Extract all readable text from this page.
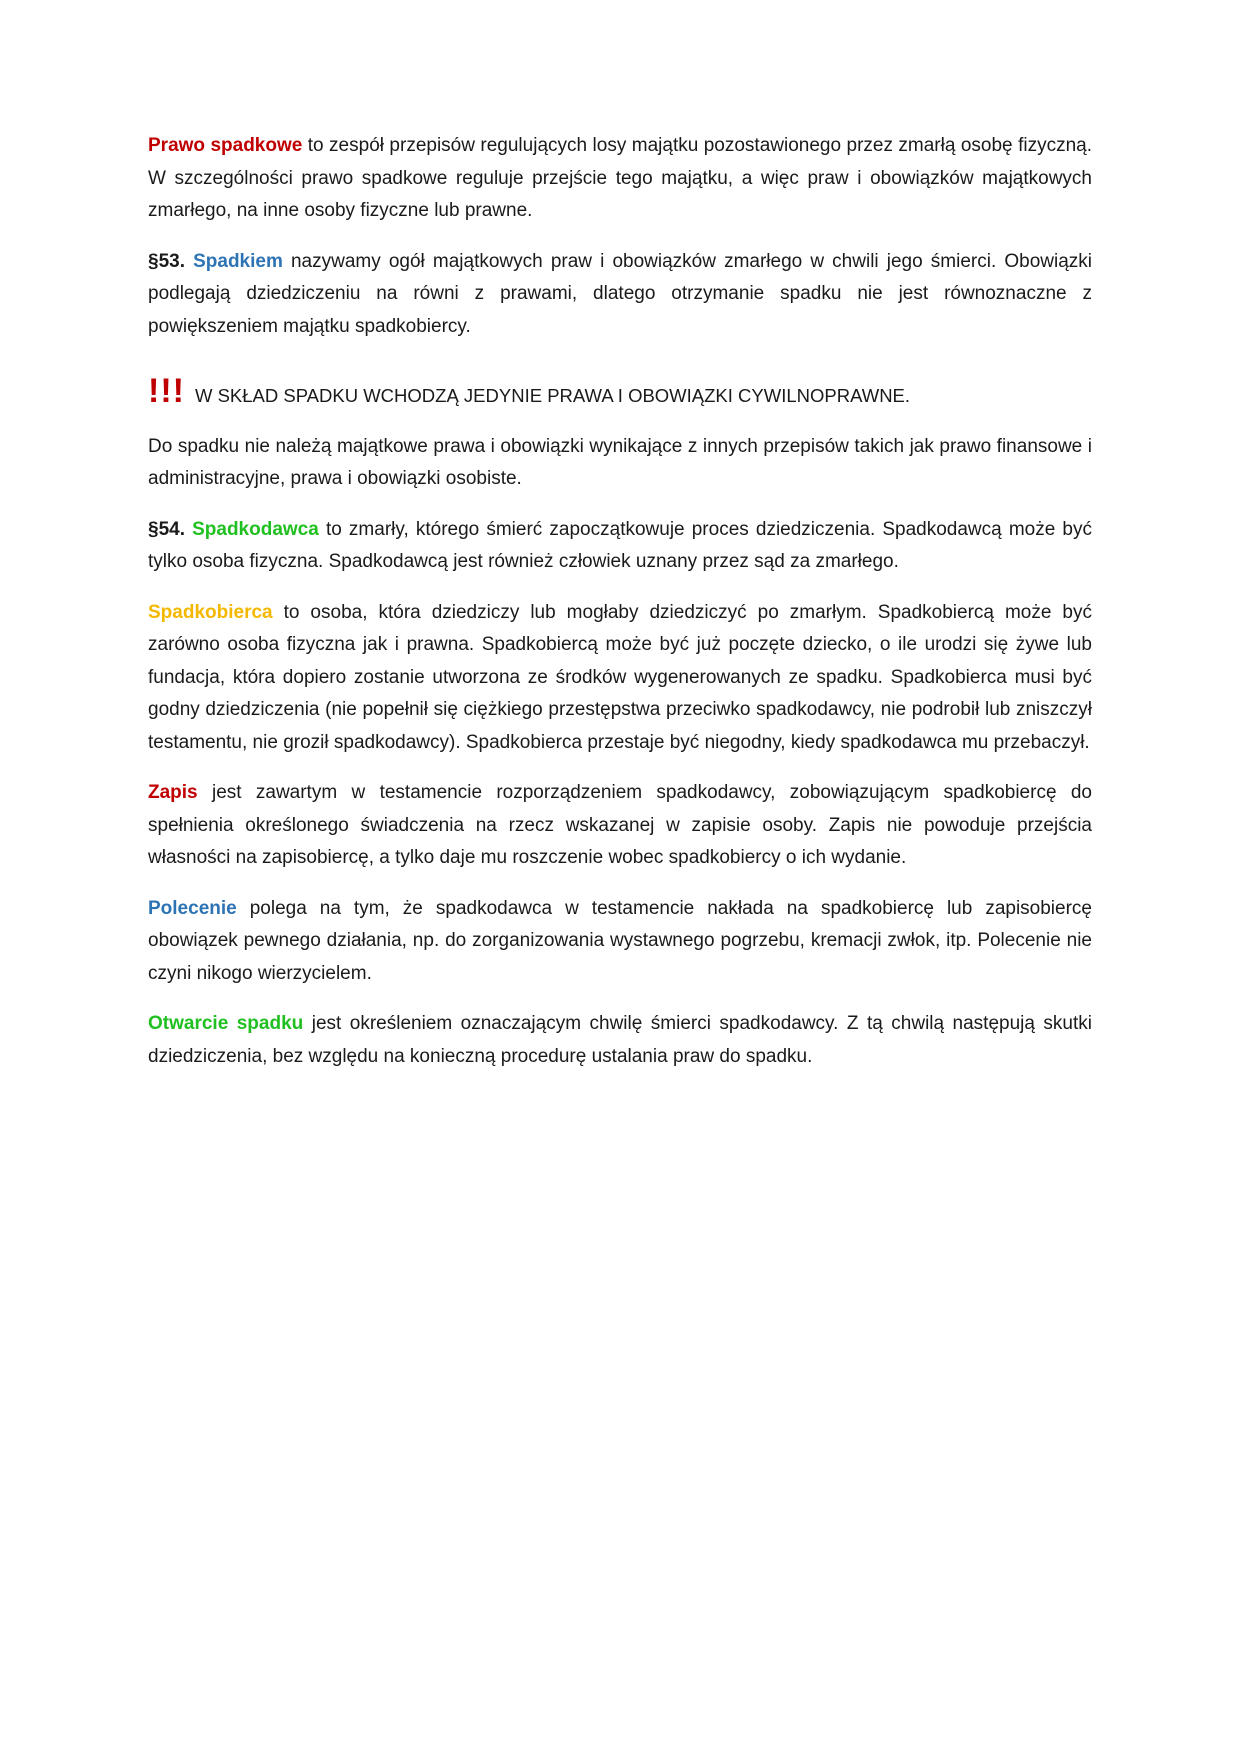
Prawo spadkowe to zespół przepisów regulujących losy majątku pozostawionego przez zmarłą osobę fizyczną. W szczególności prawo spadkowe reguluje przejście tego majątku, a więc praw i obowiązków majątkowych zmarłego, na inne osoby fizyczne lub prawne.

§53. Spadkiem nazywamy ogół majątkowych praw i obowiązków zmarłego w chwili jego śmierci. Obowiązki podlegają dziedziczeniu na równi z prawami, dlatego otrzymanie spadku nie jest równoznaczne z powiększeniem majątku spadkobiercy.

!!! W SKŁAD SPADKU WCHODZĄ JEDYNIE PRAWA I OBOWIĄZKI CYWILNOPRAWNE.

Do spadku nie należą majątkowe prawa i obowiązki wynikające z innych przepisów takich jak prawo finansowe i administracyjne, prawa i obowiązki osobiste.

§54. Spadkodawca to zmarły, którego śmierć zapoczątkowuje proces dziedziczenia. Spadkodawcą może być tylko osoba fizyczna. Spadkodawcą jest również człowiek uznany przez sąd za zmarłego.

Spadkobierca to osoba, która dziedziczy lub mogłaby dziedziczyć po zmarłym. Spadkobiercą może być zarówno osoba fizyczna jak i prawna. Spadkobiercą może być już poczęte dziecko, o ile urodzi się żywe lub fundacja, która dopiero zostanie utworzona ze środków wygenerowanych ze spadku. Spadkobierca musi być godny dziedziczenia (nie popełnił się ciężkiego przestępstwa przeciwko spadkodawcy, nie podrobił lub zniszczył testamentu, nie groził spadkodawcy). Spadkobierca przestaje być niegodny, kiedy spadkodawca mu przebaczył.

Zapis jest zawartym w testamencie rozporządzeniem spadkodawcy, zobowiązującym spadkobiercę do spełnienia określonego świadczenia na rzecz wskazanej w zapisie osoby. Zapis nie powoduje przejścia własności na zapisobiercę, a tylko daje mu roszczenie wobec spadkobiercy o ich wydanie.

Polecenie polega na tym, że spadkodawca w testamencie nakłada na spadkobiercę lub zapisobiercę obowiązek pewnego działania, np. do zorganizowania wystawnego pogrzebu, kremacji zwłok, itp. Polecenie nie czyni nikogo wierzycielem.

Otwarcie spadku jest określeniem oznaczającym chwilę śmierci spadkodawcy. Z tą chwilą następują skutki dziedziczenia, bez względu na konieczną procedurę ustalania praw do spadku.
